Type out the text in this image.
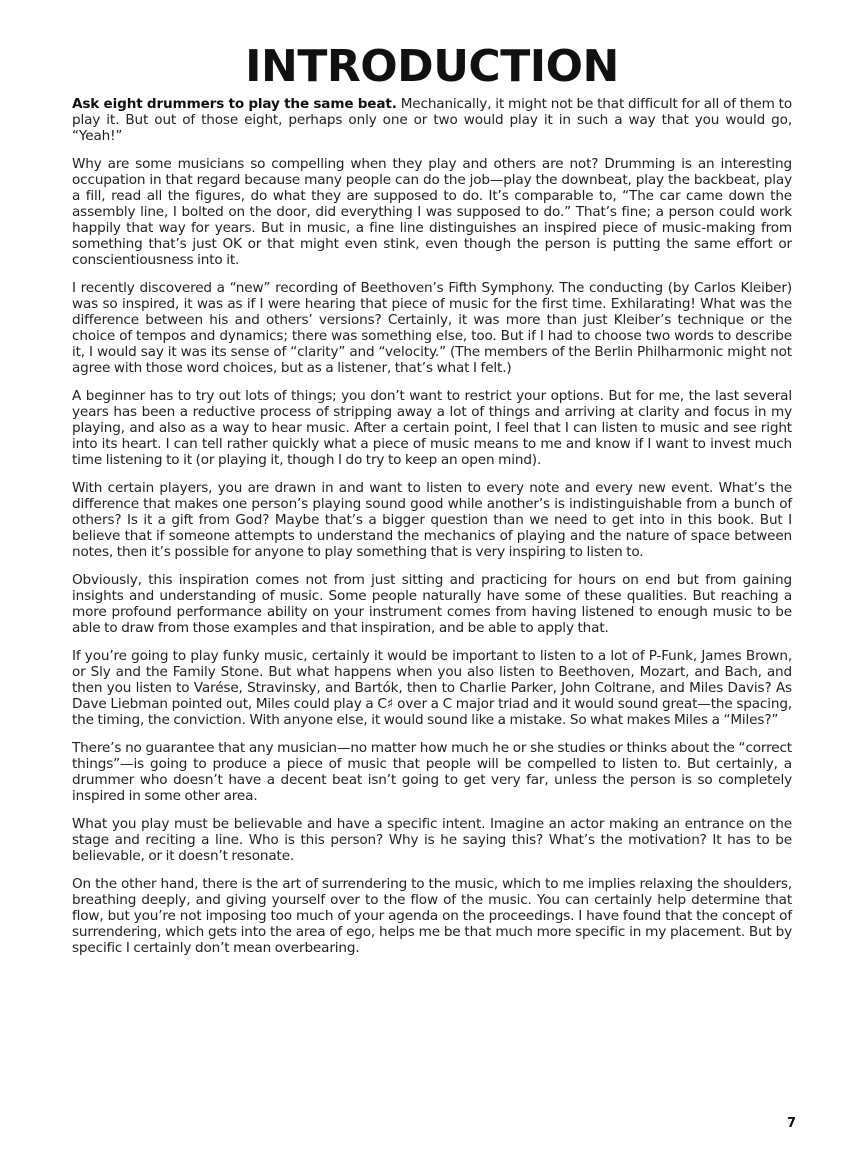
INTRODUCTION

Ask eight drummers to play the same beat. Mechanically, it might not be that difficult for all of them to play it. But out of those eight, perhaps only one or two would play it in such a way that you would go, “Yeah!”

Why are some musicians so compelling when they play and others are not? Drumming is an interesting occupation in that regard because many people can do the job—play the downbeat, play the backbeat, play a fill, read all the figures, do what they are supposed to do. It’s comparable to, “The car came down the assembly line, I bolted on the door, did everything I was supposed to do.” That’s fine; a person could work happily that way for years. But in music, a fine line distinguishes an inspired piece of music-making from something that’s just OK or that might even stink, even though the person is putting the same effort or conscientiousness into it.

I recently discovered a “new” recording of Beethoven’s Fifth Symphony. The conducting (by Carlos Kleiber) was so inspired, it was as if I were hearing that piece of music for the first time. Exhilarating! What was the difference between his and others’ versions? Certainly, it was more than just Kleiber’s technique or the choice of tempos and dynamics; there was something else, too. But if I had to choose two words to describe it, I would say it was its sense of “clarity” and “velocity.” (The members of the Berlin Philharmonic might not agree with those word choices, but as a listener, that’s what I felt.)

A beginner has to try out lots of things; you don’t want to restrict your options. But for me, the last several years has been a reductive process of stripping away a lot of things and arriving at clarity and focus in my playing, and also as a way to hear music. After a certain point, I feel that I can listen to music and see right into its heart. I can tell rather quickly what a piece of music means to me and know if I want to invest much time listening to it (or playing it, though I do try to keep an open mind).

With certain players, you are drawn in and want to listen to every note and every new event. What’s the difference that makes one person’s playing sound good while another’s is indistinguishable from a bunch of others? Is it a gift from God? Maybe that’s a bigger question than we need to get into in this book. But I believe that if someone attempts to understand the mechanics of playing and the nature of space between notes, then it’s possible for anyone to play something that is very inspiring to listen to.

Obviously, this inspiration comes not from just sitting and practicing for hours on end but from gaining insights and understanding of music. Some people naturally have some of these qualities. But reaching a more profound performance ability on your instrument comes from having listened to enough music to be able to draw from those examples and that inspiration, and be able to apply that.

If you’re going to play funky music, certainly it would be important to listen to a lot of P-Funk, James Brown, or Sly and the Family Stone. But what happens when you also listen to Beethoven, Mozart, and Bach, and then you listen to Varése, Stravinsky, and Bartók, then to Charlie Parker, John Coltrane, and Miles Davis? As Dave Liebman pointed out, Miles could play a C♯ over a C major triad and it would sound great—the spacing, the timing, the conviction. With anyone else, it would sound like a mistake. So what makes Miles a “Miles?”

There’s no guarantee that any musician—no matter how much he or she studies or thinks about the “correct things”—is going to produce a piece of music that people will be compelled to listen to. But certainly, a drummer who doesn’t have a decent beat isn’t going to get very far, unless the person is so completely inspired in some other area.

What you play must be believable and have a specific intent. Imagine an actor making an entrance on the stage and reciting a line. Who is this person? Why is he saying this? What’s the motivation? It has to be believable, or it doesn’t resonate.

On the other hand, there is the art of surrendering to the music, which to me implies relaxing the shoulders, breathing deeply, and giving yourself over to the flow of the music. You can certainly help determine that flow, but you’re not imposing too much of your agenda on the proceedings. I have found that the concept of surrendering, which gets into the area of ego, helps me be that much more specific in my placement. But by specific I certainly don’t mean overbearing.

7
